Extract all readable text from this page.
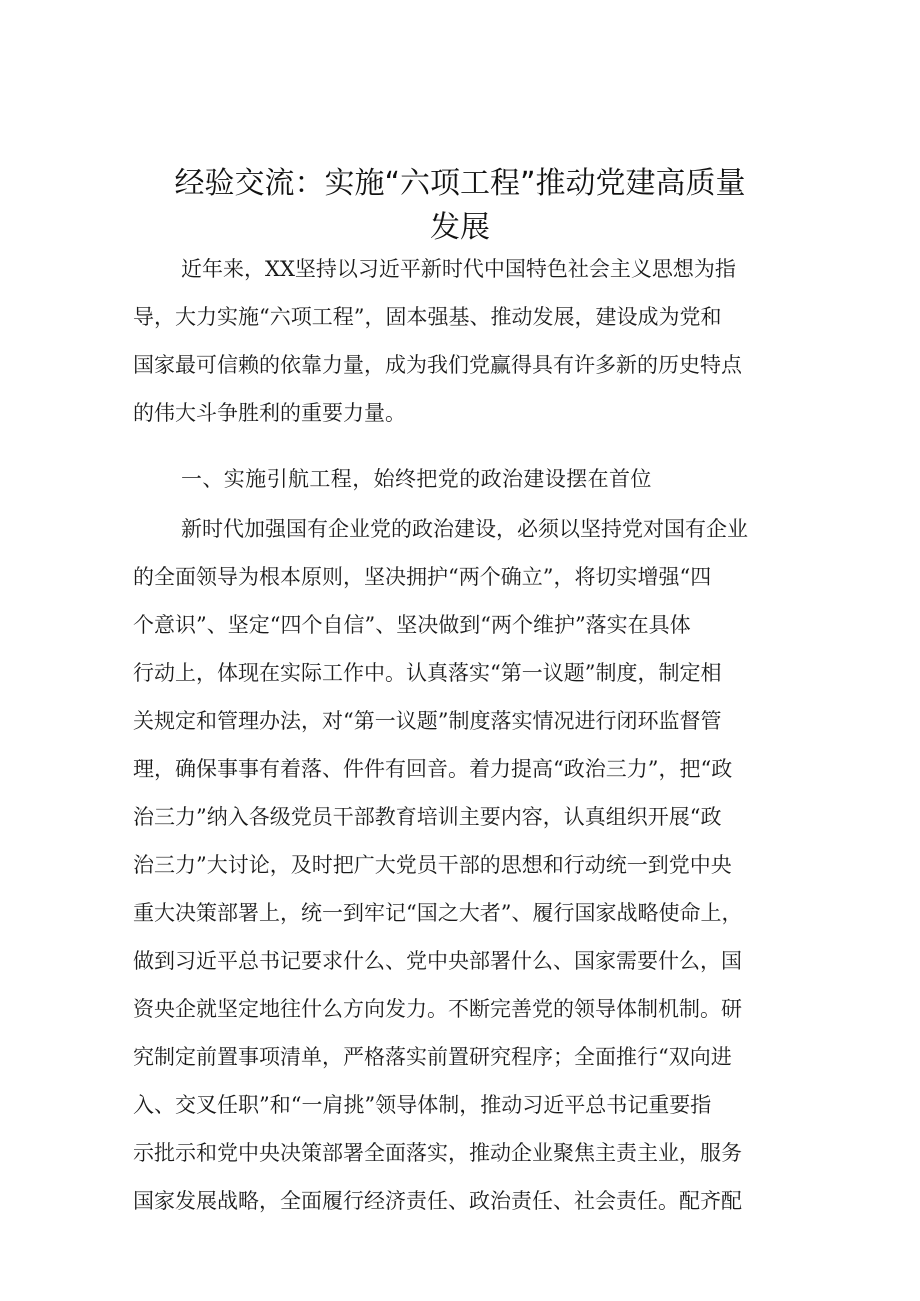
经验交流：实施“六项工程”推动党建高质量
发展
近年来，XX坚持以习近平新时代中国特色社会主义思想为指
导，大力实施“六项工程”，固本强基、推动发展，建设成为党和
国家最可信赖的依靠力量，成为我们党赢得具有许多新的历史特点
的伟大斗争胜利的重要力量。
一、实施引航工程，始终把党的政治建设摆在首位
新时代加强国有企业党的政治建设，必须以坚持党对国有企业
的全面领导为根本原则，坚决拥护“两个确立”，将切实增强“四
个意识”、坚定“四个自信”、坚决做到“两个维护”落实在具体
行动上，体现在实际工作中。认真落实“第一议题”制度，制定相
关规定和管理办法，对“第一议题”制度落实情况进行闭环监督管
理，确保事事有着落、件件有回音。着力提高“政治三力”，把“政
治三力”纳入各级党员干部教育培训主要内容，认真组织开展“政
治三力”大讨论，及时把广大党员干部的思想和行动统一到党中央
重大决策部署上，统一到牢记“国之大者”、履行国家战略使命上，
做到习近平总书记要求什么、党中央部署什么、国家需要什么，国
资央企就坚定地往什么方向发力。不断完善党的领导体制机制。研
究制定前置事项清单，严格落实前置研究程序；全面推行“双向进
入、交叉任职”和“一肩挑”领导体制，推动习近平总书记重要指
示批示和党中央决策部署全面落实，推动企业聚焦主责主业，服务
国家发展战略，全面履行经济责任、政治责任、社会责任。配齐配
